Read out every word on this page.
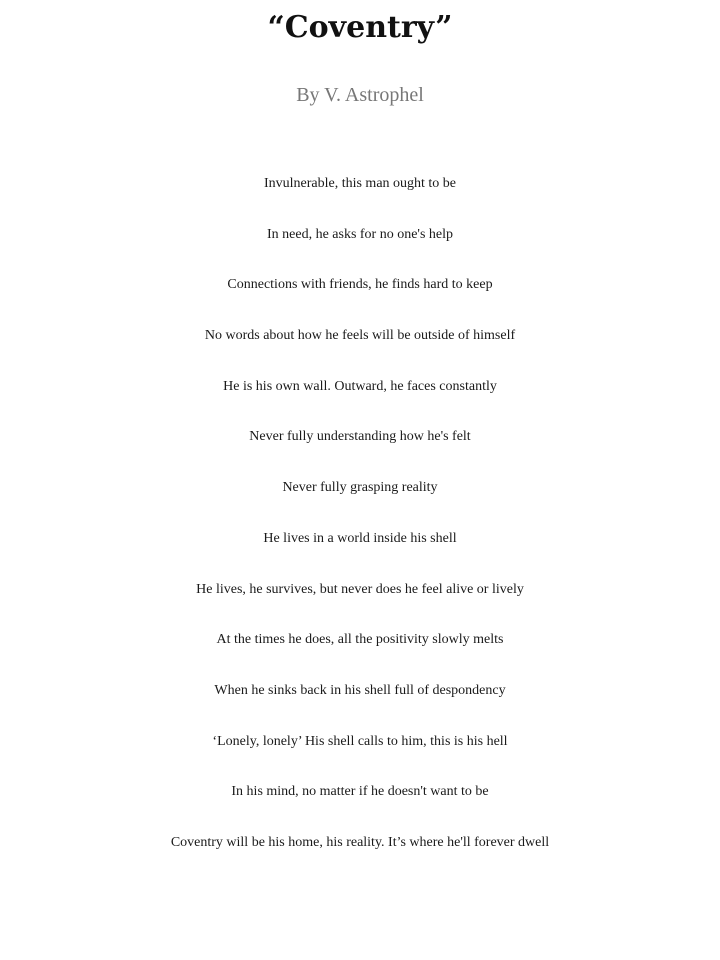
“Coventry”
By V. Astrophel
Invulnerable, this man ought to be
In need, he asks for no one's help
Connections with friends, he finds hard to keep
No words about how he feels will be outside of himself
He is his own wall. Outward, he faces constantly
Never fully understanding how he's felt
Never fully grasping reality
He lives in a world inside his shell
He lives, he survives, but never does he feel alive or lively
At the times he does, all the positivity slowly melts
When he sinks back in his shell full of despondency
‘Lonely, lonely’ His shell calls to him, this is his hell
In his mind, no matter if he doesn't want to be
Coventry will be his home, his reality. It’s where he'll forever dwell
